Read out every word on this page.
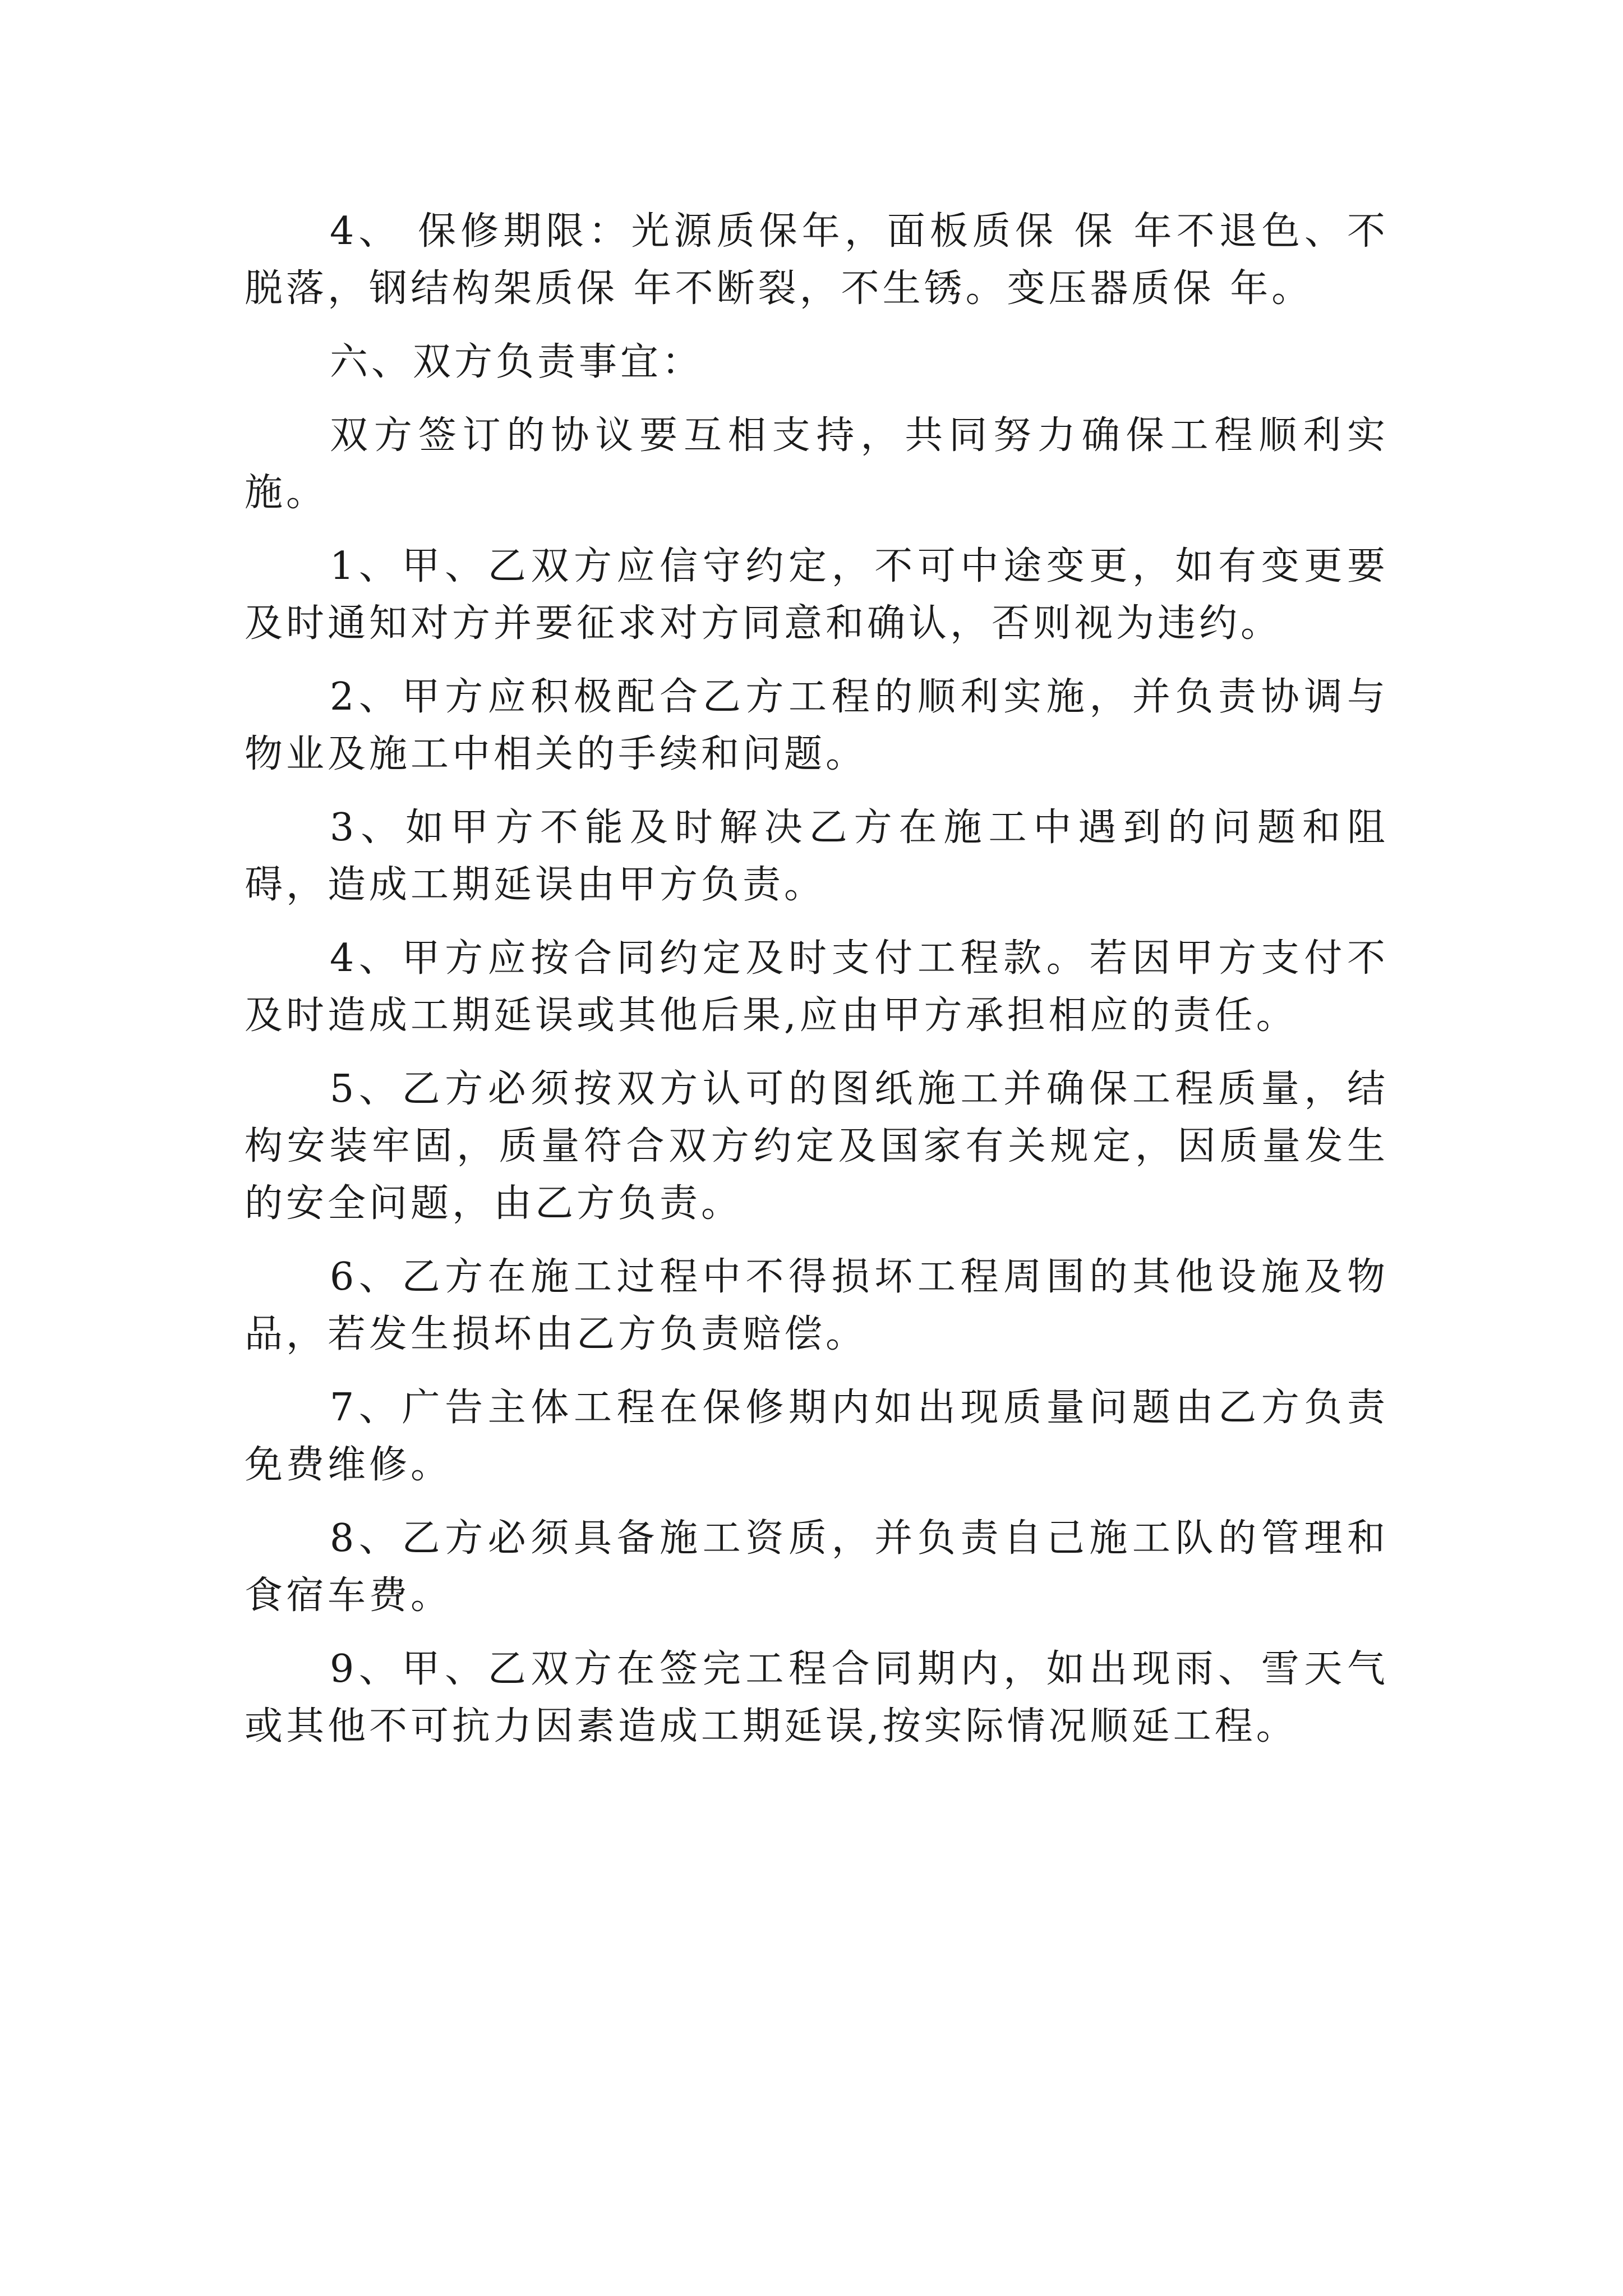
4、 保修期限：光源质保年，面板质保 保 年不退色、不脱落，钢结构架质保 年不断裂，不生锈。变压器质保 年。

六、双方负责事宜：

双方签订的协议要互相支持，共同努力确保工程顺利实施。

1、甲、乙双方应信守约定，不可中途变更，如有变更要及时通知对方并要征求对方同意和确认，否则视为违约。

2、甲方应积极配合乙方工程的顺利实施，并负责协调与物业及施工中相关的手续和问题。

3、如甲方不能及时解决乙方在施工中遇到的问题和阻碍，造成工期延误由甲方负责。

4、甲方应按合同约定及时支付工程款。若因甲方支付不及时造成工期延误或其他后果,应由甲方承担相应的责任。

5、乙方必须按双方认可的图纸施工并确保工程质量，结构安装牢固，质量符合双方约定及国家有关规定，因质量发生的安全问题，由乙方负责。

6、乙方在施工过程中不得损坏工程周围的其他设施及物品，若发生损坏由乙方负责赔偿。

7、广告主体工程在保修期内如出现质量问题由乙方负责免费维修。

8、乙方必须具备施工资质，并负责自己施工队的管理和食宿车费。

9、甲、乙双方在签完工程合同期内，如出现雨、雪天气或其他不可抗力因素造成工期延误,按实际情况顺延工程。
